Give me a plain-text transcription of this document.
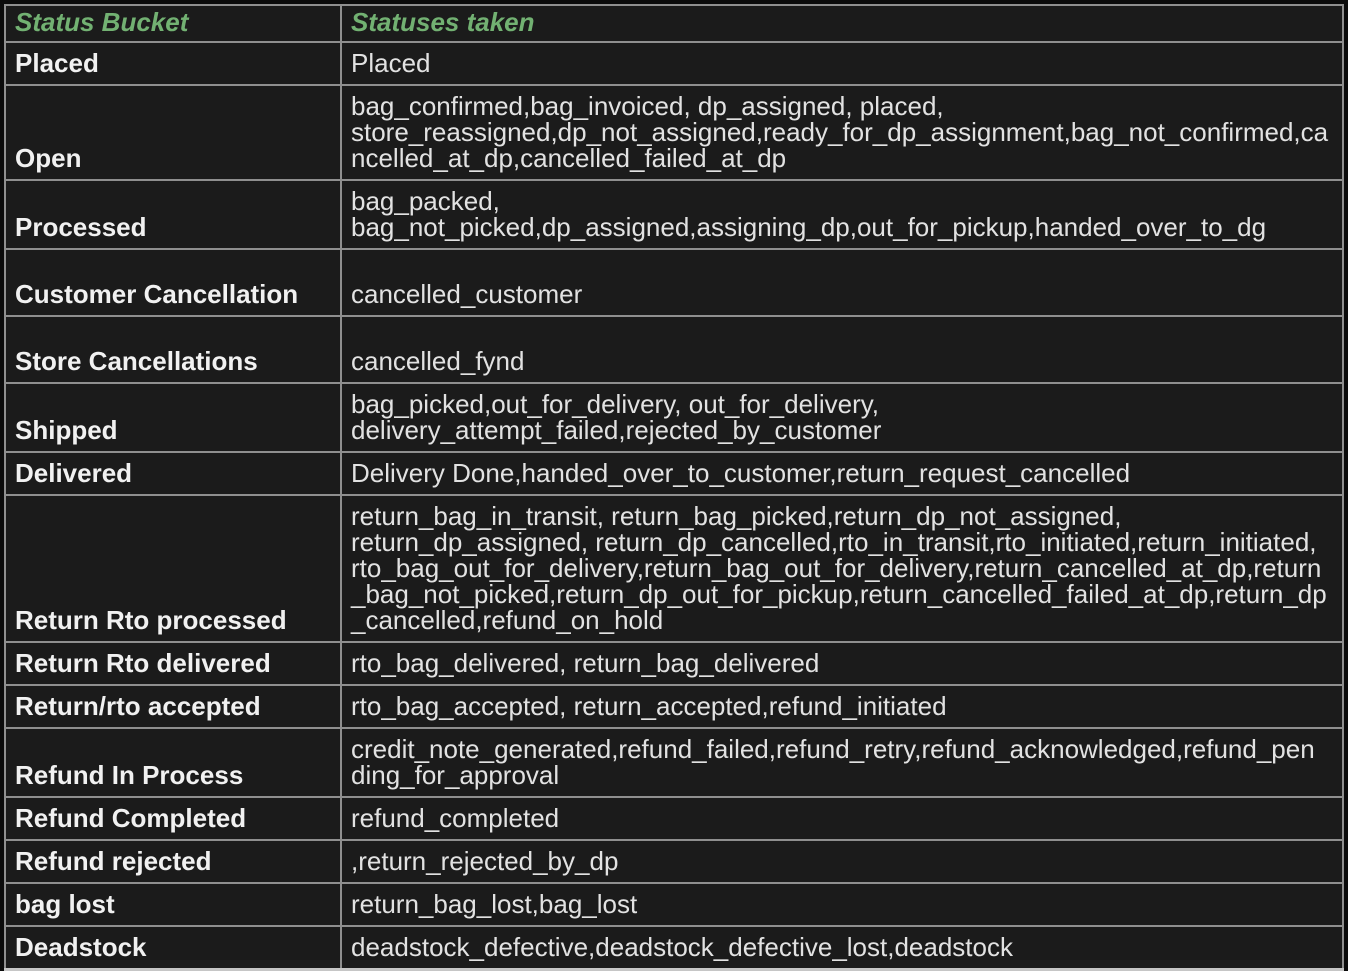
Status Bucket	Statuses taken
Placed	Placed
Open	bag_confirmed,bag_invoiced, dp_assigned, placed, store_reassigned,dp_not_assigned,ready_for_dp_assignment,bag_not_confirmed,cancelled_at_dp,cancelled_failed_at_dp
Processed	bag_packed, bag_not_picked,dp_assigned,assigning_dp,out_for_pickup,handed_over_to_dg
Customer Cancellation	cancelled_customer
Store Cancellations	cancelled_fynd
Shipped	bag_picked,out_for_delivery, out_for_delivery, delivery_attempt_failed,rejected_by_customer
Delivered	Delivery Done,handed_over_to_customer,return_request_cancelled
Return Rto processed	return_bag_in_transit, return_bag_picked,return_dp_not_assigned, return_dp_assigned, return_dp_cancelled,rto_in_transit,rto_initiated,return_initiated, rto_bag_out_for_delivery,return_bag_out_for_delivery,return_cancelled_at_dp,return_bag_not_picked,return_dp_out_for_pickup,return_cancelled_failed_at_dp,return_dp_cancelled,refund_on_hold
Return Rto delivered	rto_bag_delivered, return_bag_delivered
Return/rto accepted	rto_bag_accepted, return_accepted,refund_initiated
Refund In Process	credit_note_generated,refund_failed,refund_retry,refund_acknowledged,refund_pending_for_approval
Refund Completed	refund_completed
Refund rejected	,return_rejected_by_dp
bag lost	return_bag_lost,bag_lost
Deadstock	deadstock_defective,deadstock_defective_lost,deadstock
